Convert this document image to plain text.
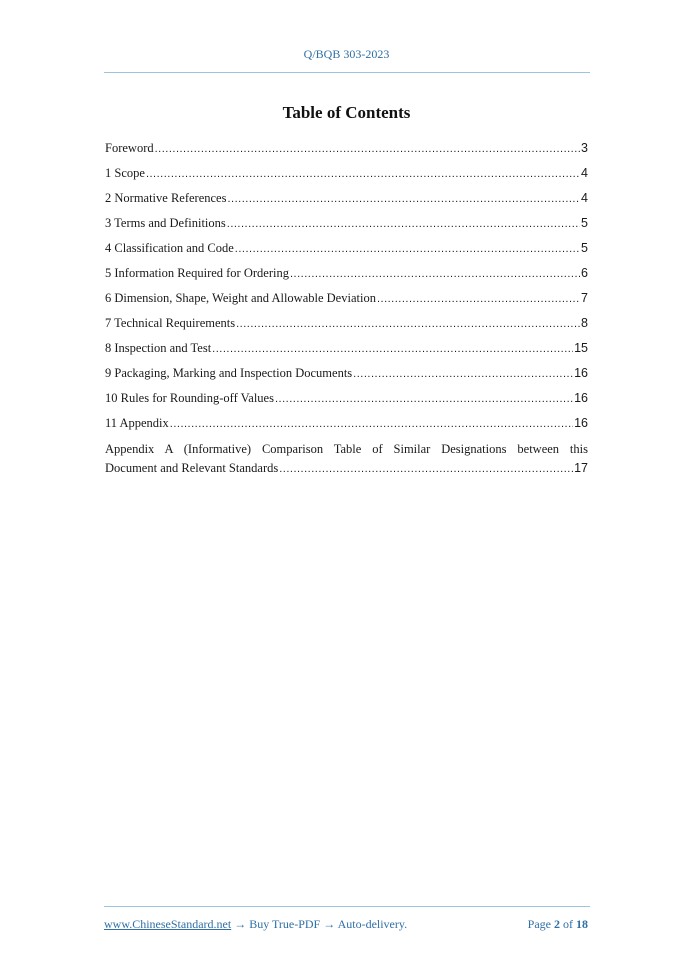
Q/BQB 303-2023
Table of Contents
Foreword .....	3
1 Scope .....	4
2 Normative References .....	4
3 Terms and Definitions .....	5
4 Classification and Code .....	5
5 Information Required for Ordering .....	6
6 Dimension, Shape, Weight and Allowable Deviation .....	7
7 Technical Requirements .....	8
8 Inspection and Test .....	15
9 Packaging, Marking and Inspection Documents .....	16
10 Rules for Rounding-off Values .....	16
11 Appendix .....	16
Appendix A (Informative) Comparison Table of Similar Designations between this
Document and Relevant Standards .....	17
www.ChineseStandard.net → Buy True-PDF → Auto-delivery.	Page 2 of 18
